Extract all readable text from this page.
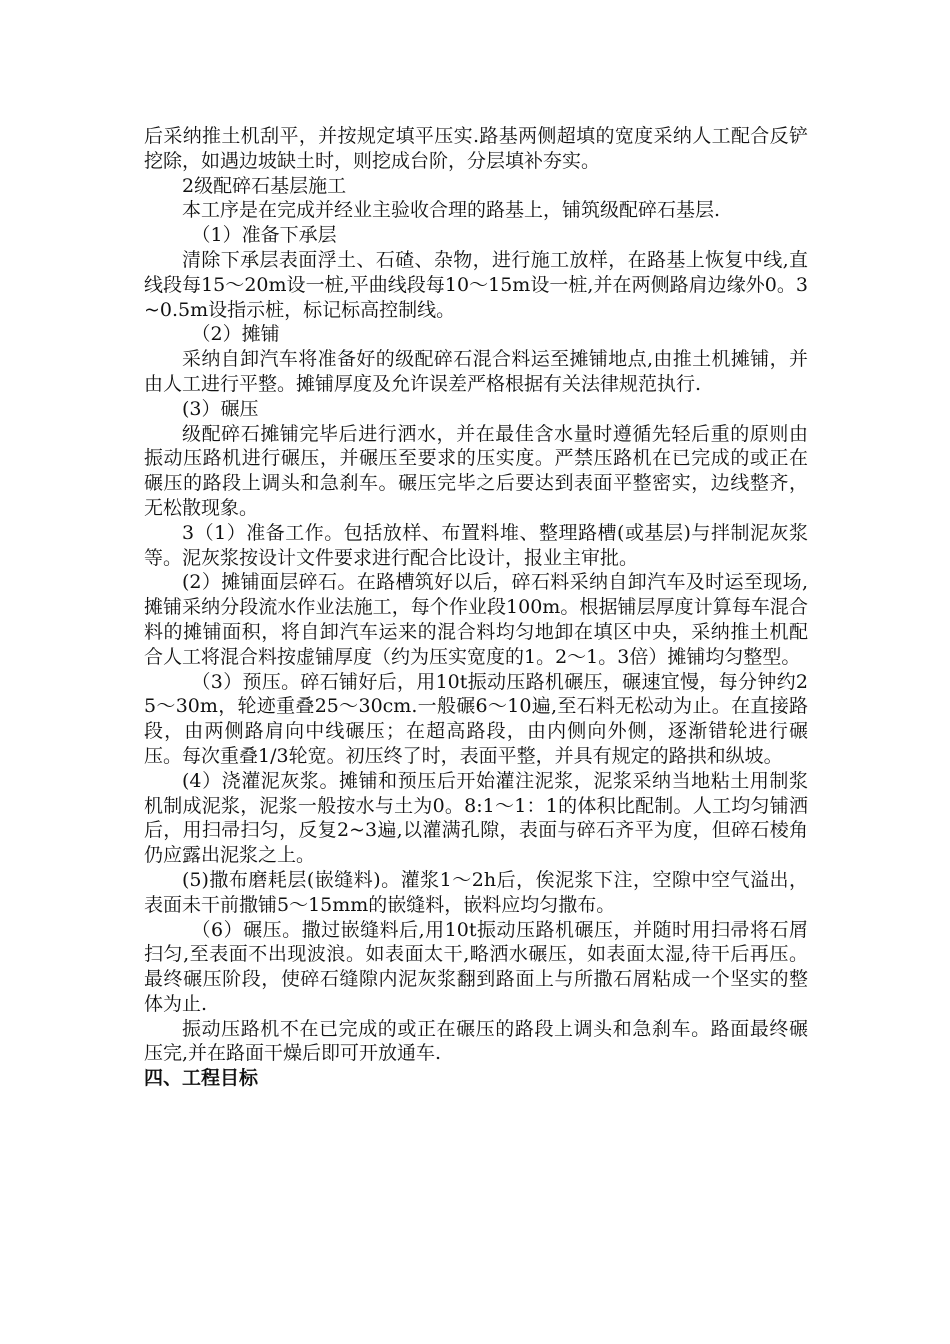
后采纳推土机刮平，并按规定填平压实.路基两侧超填的宽度采纳人工配合反铲挖除，如遇边坡缺土时，则挖成台阶，分层填补夯实。

2级配碎石基层施工

本工序是在完成并经业主验收合理的路基上，铺筑级配碎石基层.

（1）准备下承层

清除下承层表面浮土、石碴、杂物，进行施工放样，在路基上恢复中线,直线段每15～20m设一桩,平曲线段每10～15m设一桩,并在两侧路肩边缘外0。3~0.5m设指示桩，标记标高控制线。

（2）摊铺

采纳自卸汽车将准备好的级配碎石混合料运至摊铺地点,由推土机摊铺，并由人工进行平整。摊铺厚度及允许误差严格根据有关法律规范执行.

(3）碾压

级配碎石摊铺完毕后进行洒水，并在最佳含水量时遵循先轻后重的原则由振动压路机进行碾压，并碾压至要求的压实度。严禁压路机在已完成的或正在碾压的路段上调头和急刹车。碾压完毕之后要达到表面平整密实，边线整齐，无松散现象。

3（1）准备工作。包括放样、布置料堆、整理路槽(或基层)与拌制泥灰浆等。泥灰浆按设计文件要求进行配合比设计，报业主审批。

(2）摊铺面层碎石。在路槽筑好以后，碎石料采纳自卸汽车及时运至现场,摊铺采纳分段流水作业法施工，每个作业段100m。根据铺层厚度计算每车混合料的摊铺面积，将自卸汽车运来的混合料均匀地卸在填区中央，采纳推土机配合人工将混合料按虚铺厚度（约为压实宽度的1。2～1。3倍）摊铺均匀整型。

（3）预压。碎石铺好后，用10t振动压路机碾压，碾速宜慢，每分钟约25～30m，轮迹重叠25～30cm.一般碾6～10遍,至石料无松动为止。在直接路段，由两侧路肩向中线碾压；在超高路段，由内侧向外侧，逐渐错轮进行碾压。每次重叠1/3轮宽。初压终了时，表面平整，并具有规定的路拱和纵坡。

(4）浇灌泥灰浆。摊铺和预压后开始灌注泥浆，泥浆采纳当地粘土用制浆机制成泥浆，泥浆一般按水与土为0。8:1～1：1的体积比配制。人工均匀铺洒后，用扫帚扫匀，反复2~3遍,以灌满孔隙，表面与碎石齐平为度，但碎石棱角仍应露出泥浆之上。

(5)撒布磨耗层(嵌缝料)。灌浆1～2h后，俟泥浆下注，空隙中空气溢出，表面未干前撒铺5～15mm的嵌缝料，嵌料应均匀撒布。

（6）碾压。撒过嵌缝料后,用10t振动压路机碾压，并随时用扫帚将石屑扫匀,至表面不出现波浪。如表面太干,略洒水碾压，如表面太湿,待干后再压。最终碾压阶段，使碎石缝隙内泥灰浆翻到路面上与所撒石屑粘成一个坚实的整体为止.

振动压路机不在已完成的或正在碾压的路段上调头和急刹车。路面最终碾压完,并在路面干燥后即可开放通车.

四、工程目标
